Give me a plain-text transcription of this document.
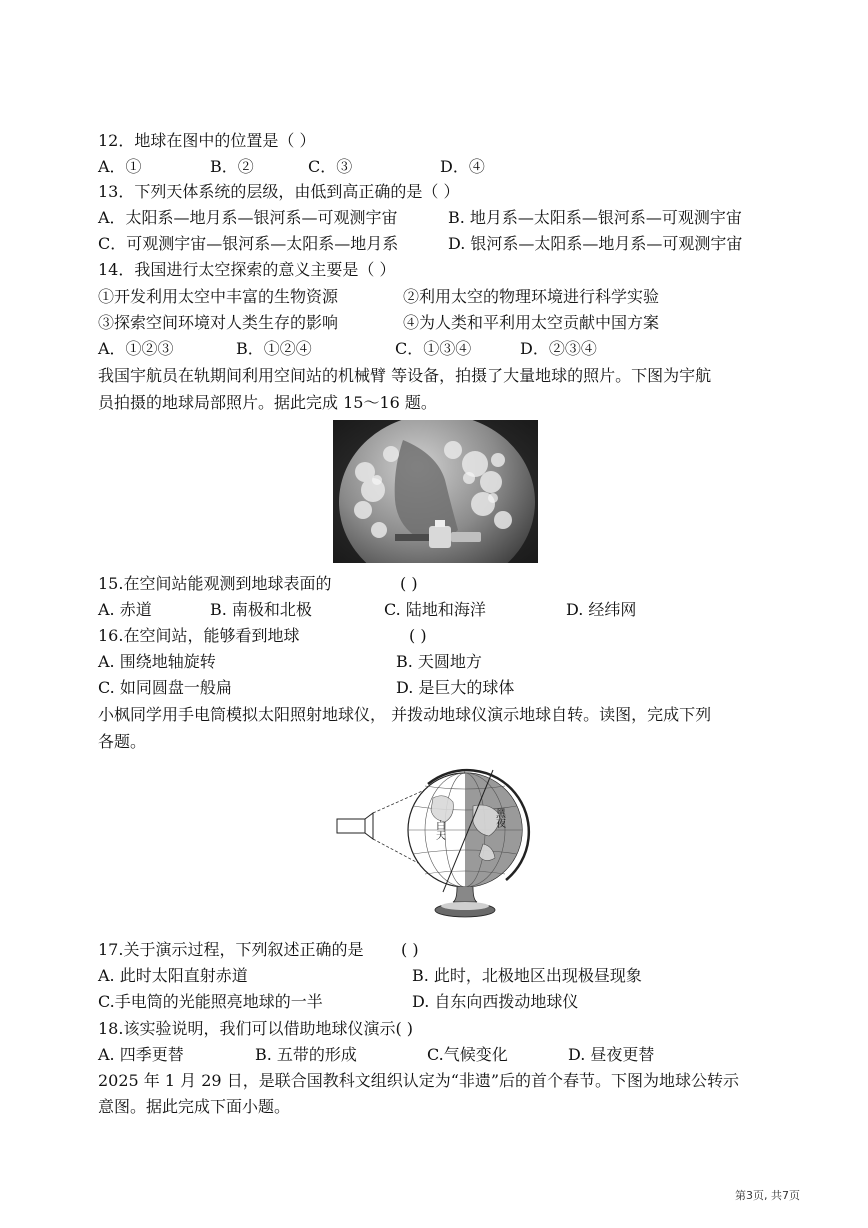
12．地球在图中的位置是（ ）
A．①	B．②	C．③	D．④
13．下列天体系统的层级，由低到高正确的是（ ）
A．太阳系—地月系—银河系—可观测宇宙	B. 地月系—太阳系—银河系—可观测宇宙
C．可观测宇宙—银河系—太阳系—地月系	D. 银河系—太阳系—地月系—可观测宇宙
14．我国进行太空探索的意义主要是（ ）
①开发利用太空中丰富的生物资源	②利用太空的物理环境进行科学实验
③探索空间环境对人类生存的影响	④为人类和平利用太空贡献中国方案
A．①②③	B．①②④	C．①③④	D．②③④
我国宇航员在轨期间利用空间站的机械臂 等设备，拍摄了大量地球的照片。下图为宇航
员拍摄的地球局部照片。据此完成 15～16 题。
15.在空间站能观测到地球表面的	( )
A. 赤道	B. 南极和北极	C. 陆地和海洋	D. 经纬网
16.在空间站，能够看到地球	( )
A. 围绕地轴旋转	B. 天圆地方
C. 如同圆盘一般扁	D. 是巨大的球体
小枫同学用手电筒模拟太阳照射地球仪， 并拨动地球仪演示地球自转。读图，完成下列
各题。
白天
黑夜
17.关于演示过程，下列叙述正确的是 ( )
A. 此时太阳直射赤道	B. 此时，北极地区出现极昼现象
C.手电筒的光能照亮地球的一半	D. 自东向西拨动地球仪
18.该实验说明，我们可以借助地球仪演示( )
A. 四季更替	B. 五带的形成	C.气候变化	D. 昼夜更替
2025 年 1 月 29 日，是联合国教科文组织认定为“非遗”后的首个春节。下图为地球公转示
意图。据此完成下面小题。
第3页, 共7页
